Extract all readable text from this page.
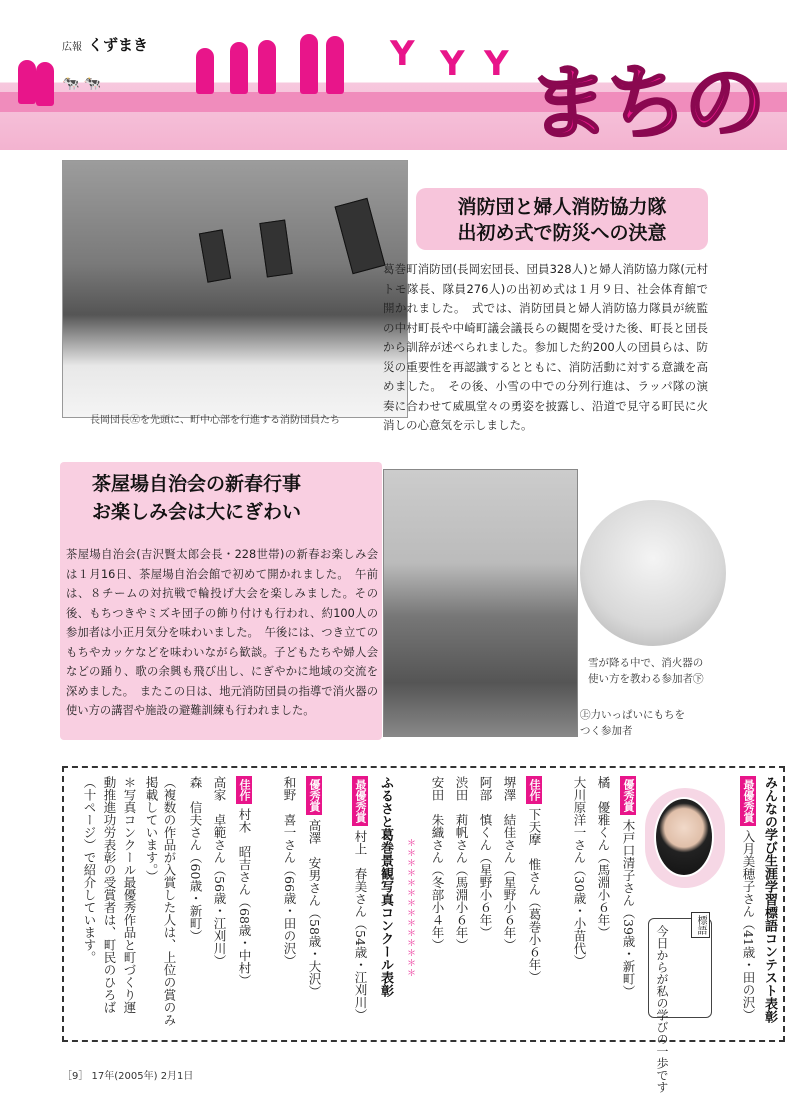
広報 くずまき
🐄 🐄
Y Y Y まちの
長岡団長㊧を先頭に、町中心部を行進する消防団員たち
消防団と婦人消防協力隊
出初め式で防災への決意
葛巻町消防団(長岡宏団長、団員328人)と婦人消防協力隊(元村トモ隊長、隊員276人)の出初め式は１月９日、社会体育館で開かれました。　式では、消防団員と婦人消防協力隊員が統監の中村町長や中崎町議会議長らの観閲を受けた後、町長と団長から訓辞が述べられました。参加した約200人の団員らは、防災の重要性を再認識するとともに、消防活動に対する意識を高めました。　その後、小雪の中での分列行進は、ラッパ隊の演奏に合わせて威風堂々の勇姿を披露し、沿道で見守る町民に火消しの心意気を示しました。
茶屋場自治会の新春行事
お楽しみ会は大にぎわい
茶屋場自治会(吉沢賢太郎会長・228世帯)の新春お楽しみ会は１月16日、茶屋場自治会館で初めて開かれました。　午前は、８チームの対抗戦で輪投げ大会を楽しみました。その後、もちつきやミズキ団子の飾り付けも行われ、約100人の参加者は小正月気分を味わいました。　午後には、つき立てのもちやカッケなどを味わいながら歓談。子どもたちや婦人会などの踊り、歌の余興も飛び出し、にぎやかに地域の交流を深めました。　またこの日は、地元消防団員の指導で消火器の使い方の講習や施設の避難訓練も行われました。
雪が降る中で、消火器の
使い方を教わる参加者㊦
㊤力いっぱいにもちを
つく参加者
みんなの学び生涯学習標語コンテスト表彰
最優秀賞入月美穂子さん（41歳・田の沢）
優秀賞木戸口清子さん（39歳・新町）
橘　優雅くん（馬淵小６年）
大川原洋一さん（30歳・小苗代）
佳作下天摩　惟さん（葛巻小６年）
堺澤　結佳さん（星野小６年）
阿部　慎くん（星野小６年）
渋田　莉帆さん（馬淵小６年）
安田　朱織さん（冬部小４年）
ふるさと葛巻景観写真コンクール表彰
最優秀賞村上　春美さん（54歳・江刈川）
優秀賞高澤　安男さん（58歳・大沢）
和野　喜一さん（66歳・田の沢）
佳作村木　昭吉さん（68歳・中村）
高家　卓範さん（56歳・江刈川）
森　信夫さん（60歳・新町）
（複数の作品が入賞した人は、上位の賞のみ
掲載しています。）
＊写真コンクール最優秀作品と町づくり運
動推進功労表彰の受賞者は、町民のひろば
（十ページ）で紹介しています。	標語
今日からが私の学びの一歩です
＊＊＊＊＊＊＊＊＊＊＊＊＊＊
［9］ 17年(2005年) 2月1日
